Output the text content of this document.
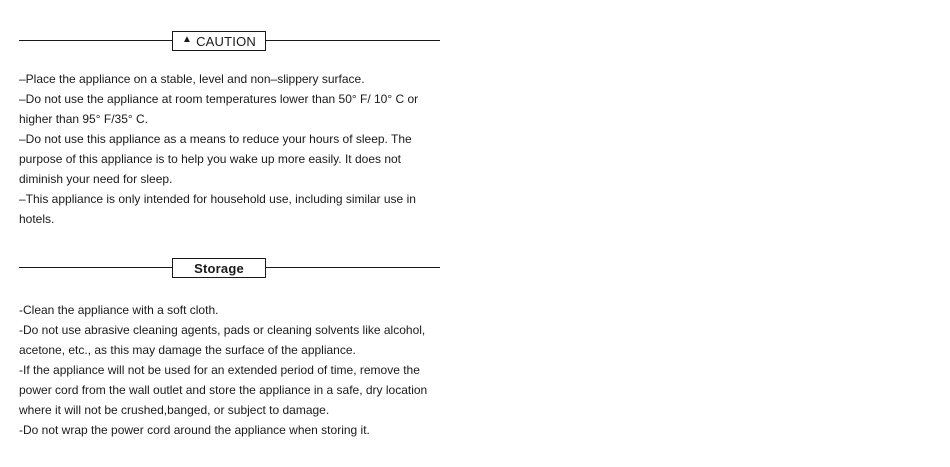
▲ CAUTION

–Place the appliance on a stable, level and non–slippery surface.

–Do not use the appliance at room temperatures lower than 50° F/ 10° C or higher than 95° F/35° C.

–Do not use this appliance as a means to reduce your hours of sleep. The purpose of this appliance is to help you wake up more easily. It does not diminish your need for sleep.

–This appliance is only intended for household use, including similar use in hotels.

Storage

-Clean the appliance with a soft cloth.

-Do not use abrasive cleaning agents, pads or cleaning solvents like alcohol, acetone, etc., as this may damage the surface of the appliance.

-If the appliance will not be used for an extended period of time, remove the power cord from the wall outlet and store the appliance in a safe, dry location where it will not be crushed,banged, or subject to damage.

-Do not wrap the power cord around the appliance when storing it.
